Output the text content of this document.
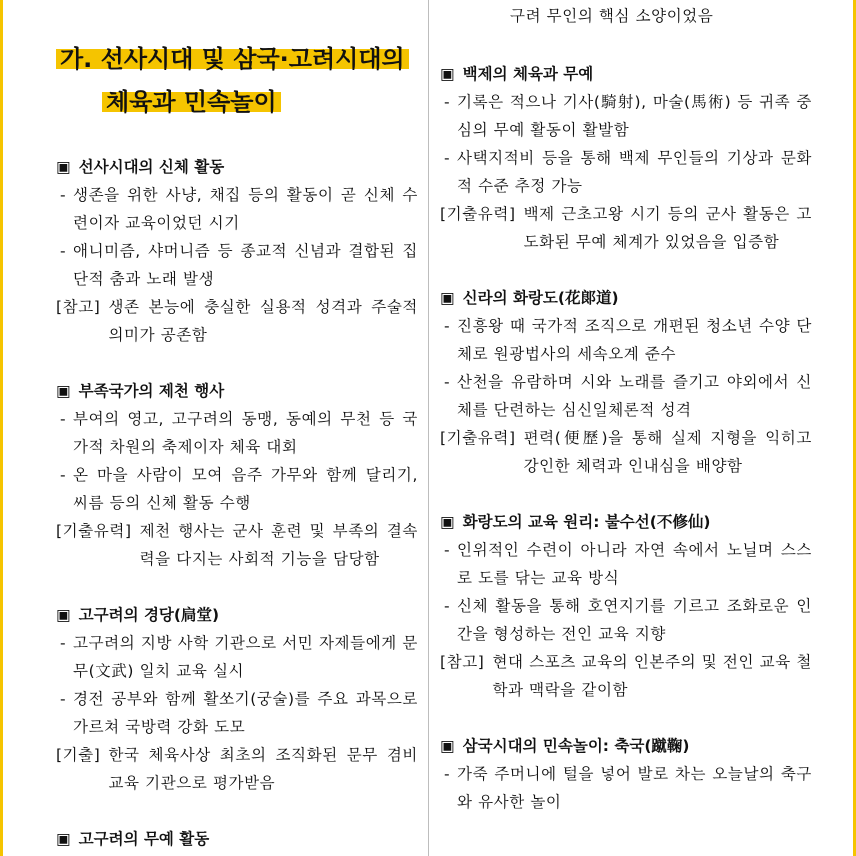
가. 선사시대 및 삼국·고려시대의
체육과 민속놀이
▣ 선사시대의 신체 활동
- 생존을 위한 사냥, 채집 등의 활동이 곧 신체 수련이자 교육이었던 시기
- 애니미즘, 샤머니즘 등 종교적 신념과 결합된 집단적 춤과 노래 발생
[참고] 생존 본능에 충실한 실용적 성격과 주술적 의미가 공존함
▣ 부족국가의 제천 행사
- 부여의 영고, 고구려의 동맹, 동예의 무천 등 국가적 차원의 축제이자 체육 대회
- 온 마을 사람이 모여 음주 가무와 함께 달리기, 씨름 등의 신체 활동 수행
[기출유력] 제천 행사는 군사 훈련 및 부족의 결속력을 다지는 사회적 기능을 담당함
▣ 고구려의 경당(扃堂)
- 고구려의 지방 사학 기관으로 서민 자제들에게 문무(文武) 일치 교육 실시
- 경전 공부와 함께 활쏘기(궁술)를 주요 과목으로 가르쳐 국방력 강화 도모
[기출] 한국 체육사상 최초의 조직화된 문무 겸비 교육 기관으로 평가받음
▣ 고구려의 무예 활동
구려 무인의 핵심 소양이었음
▣ 백제의 체육과 무예
- 기록은 적으나 기사(騎射), 마술(馬術) 등 귀족 중심의 무예 활동이 활발함
- 사택지적비 등을 통해 백제 무인들의 기상과 문화적 수준 추정 가능
[기출유력] 백제 근초고왕 시기 등의 군사 활동은 고도화된 무예 체계가 있었음을 입증함
▣ 신라의 화랑도(花郞道)
- 진흥왕 때 국가적 조직으로 개편된 청소년 수양 단체로 원광법사의 세속오계 준수
- 산천을 유람하며 시와 노래를 즐기고 야외에서 신체를 단련하는 심신일체론적 성격
[기출유력] 편력(便歷)을 통해 실제 지형을 익히고 강인한 체력과 인내심을 배양함
▣ 화랑도의 교육 원리: 불수선(不修仙)
- 인위적인 수련이 아니라 자연 속에서 노닐며 스스로 도를 닦는 교육 방식
- 신체 활동을 통해 호연지기를 기르고 조화로운 인간을 형성하는 전인 교육 지향
[참고] 현대 스포츠 교육의 인본주의 및 전인 교육 철학과 맥락을 같이함
▣ 삼국시대의 민속놀이: 축국(蹴鞠)
- 가죽 주머니에 털을 넣어 발로 차는 오늘날의 축구와 유사한 놀이
